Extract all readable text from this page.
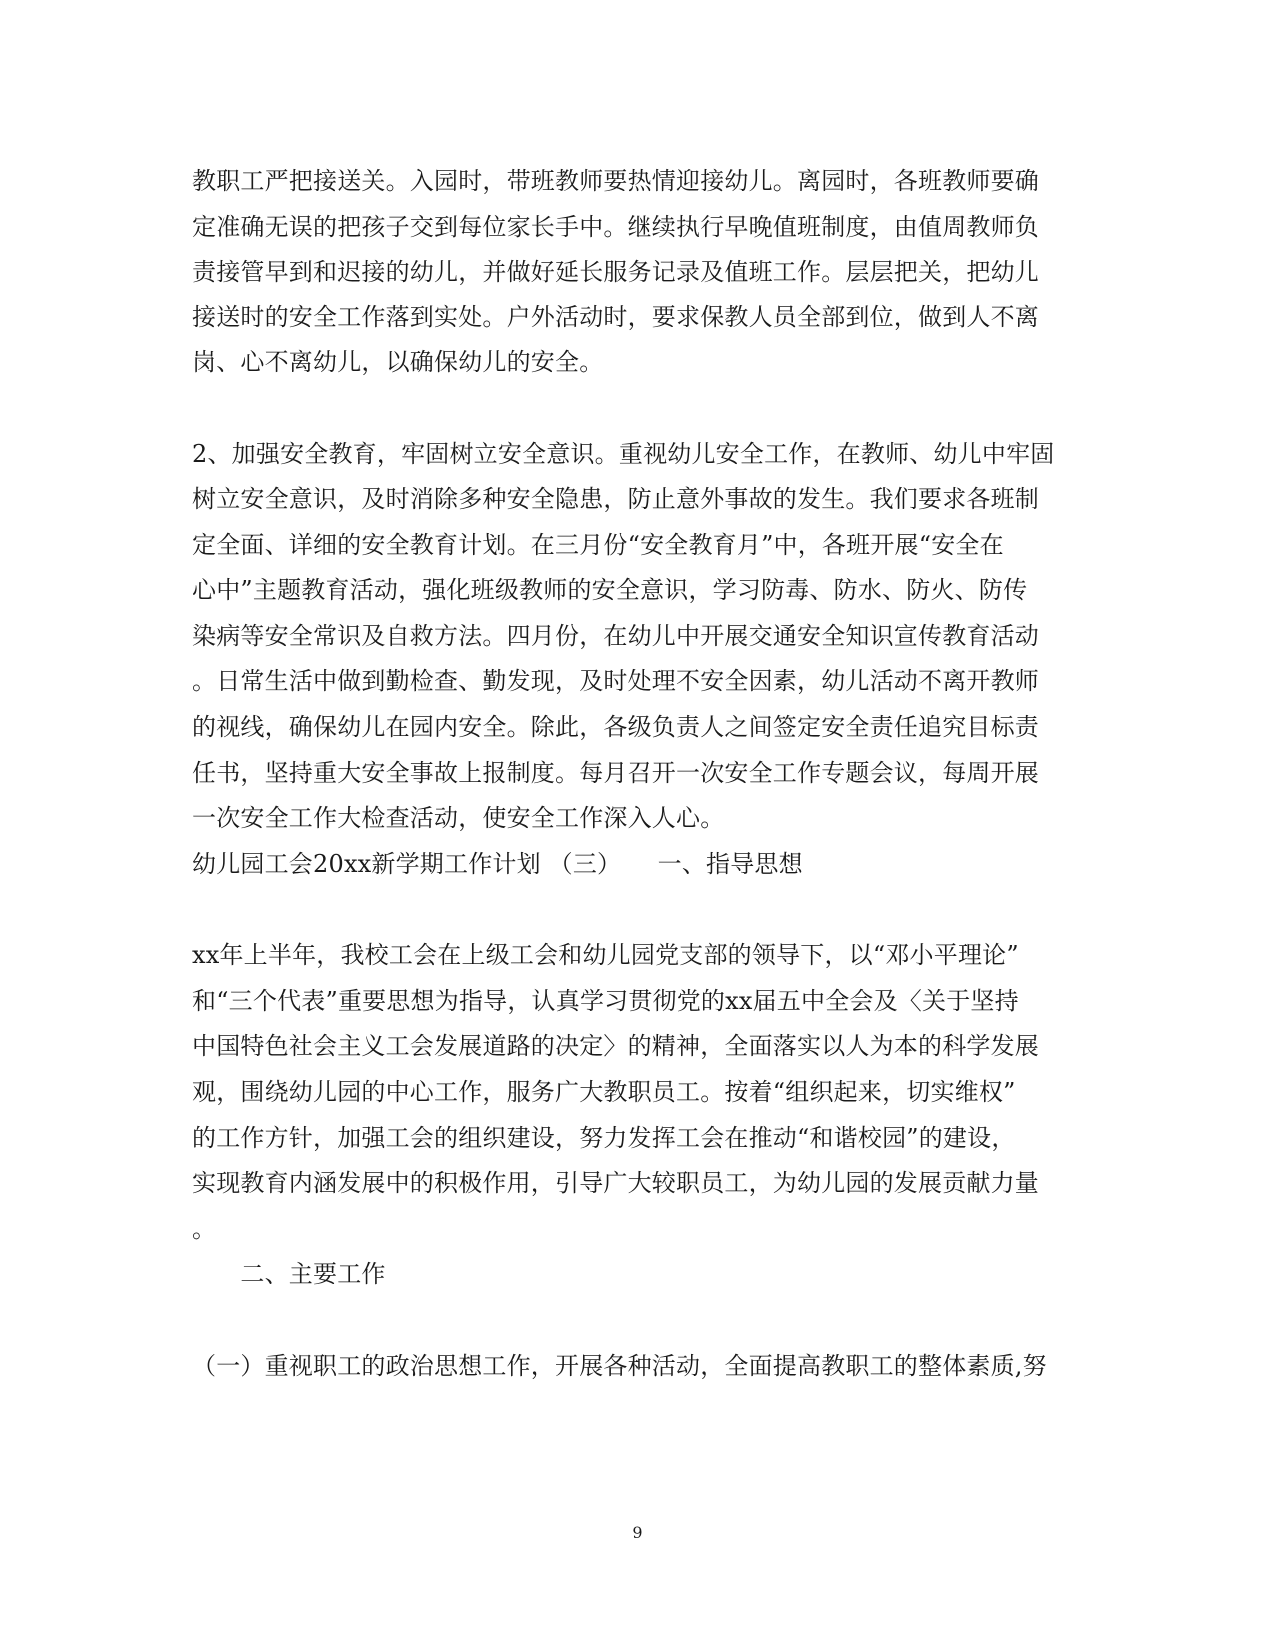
教职工严把接送关。入园时，带班教师要热情迎接幼儿。离园时，各班教师要确
定准确无误的把孩子交到每位家长手中。继续执行早晚值班制度，由值周教师负
责接管早到和迟接的幼儿，并做好延长服务记录及值班工作。层层把关，把幼儿
接送时的安全工作落到实处。户外活动时，要求保教人员全部到位，做到人不离
岗、心不离幼儿，以确保幼儿的安全。
2、加强安全教育，牢固树立安全意识。重视幼儿安全工作，在教师、幼儿中牢固
树立安全意识，及时消除多种安全隐患，防止意外事故的发生。我们要求各班制
定全面、详细的安全教育计划。在三月份“安全教育月”中，各班开展“安全在
心中”主题教育活动，强化班级教师的安全意识，学习防毒、防水、防火、防传
染病等安全常识及自救方法。四月份，在幼儿中开展交通安全知识宣传教育活动
。日常生活中做到勤检查、勤发现，及时处理不安全因素，幼儿活动不离开教师
的视线，确保幼儿在园内安全。除此，各级负责人之间签定安全责任追究目标责
任书，坚持重大安全事故上报制度。每月召开一次安全工作专题会议，每周开展
一次安全工作大检查活动，使安全工作深入人心。
幼儿园工会20xx新学期工作计划 （三）　　一、指导思想
xx年上半年，我校工会在上级工会和幼儿园党支部的领导下，以“邓小平理论”
和“三个代表”重要思想为指导，认真学习贯彻党的xx届五中全会及〈关于坚持
中国特色社会主义工会发展道路的决定〉的精神，全面落实以人为本的科学发展
观，围绕幼儿园的中心工作，服务广大教职员工。按着“组织起来，切实维权”
的工作方针，加强工会的组织建设，努力发挥工会在推动“和谐校园”的建设，
实现教育内涵发展中的积极作用，引导广大较职员工，为幼儿园的发展贡献力量
。
　　二、主要工作
（一）重视职工的政治思想工作，开展各种活动，全面提高教职工的整体素质,努
9
